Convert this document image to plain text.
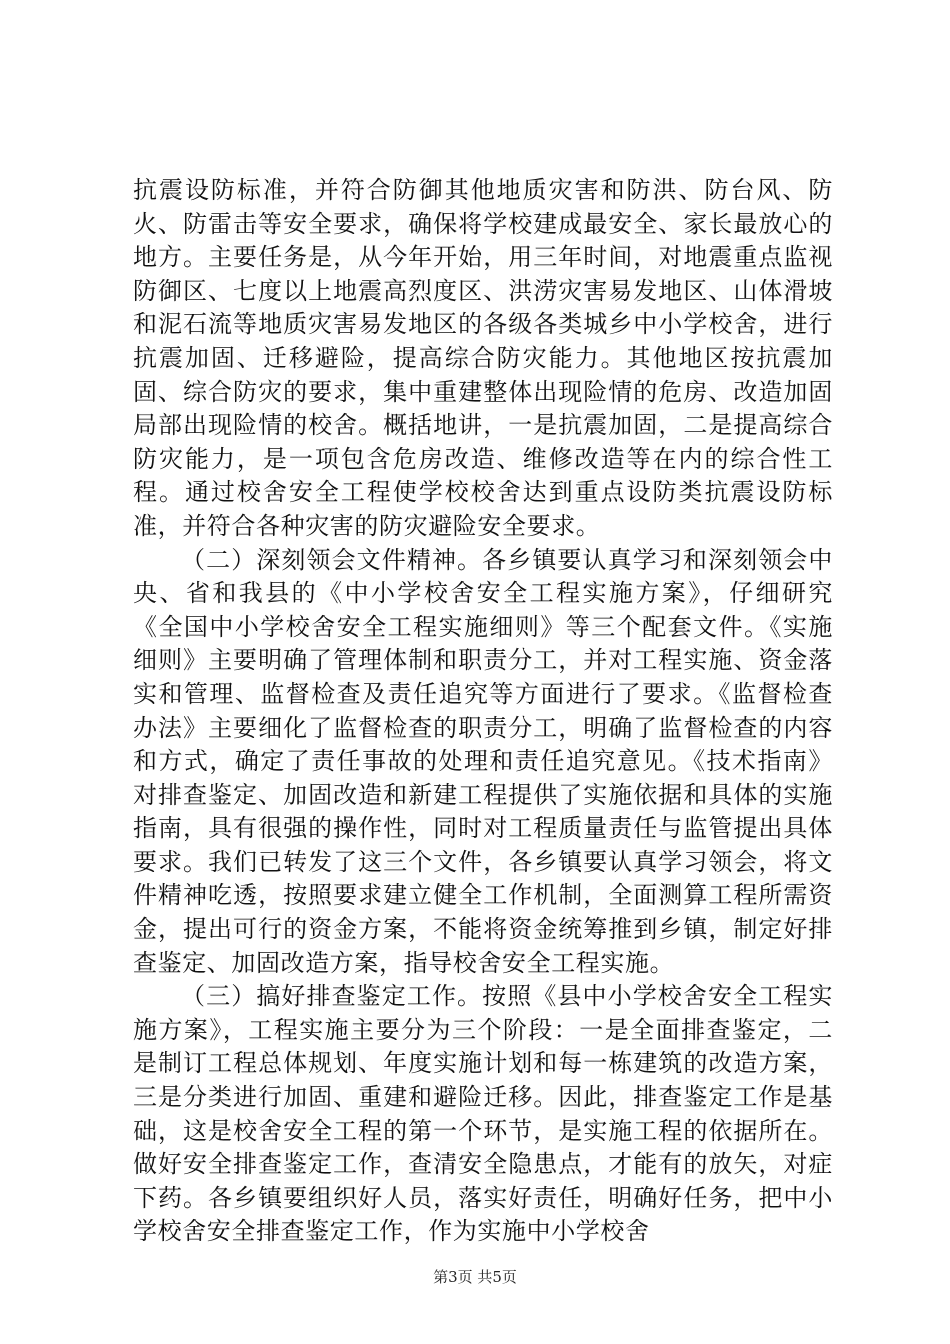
抗震设防标准，并符合防御其他地质灾害和防洪、防台风、防火、防雷击等安全要求，确保将学校建成最安全、家长最放心的地方。主要任务是，从今年开始，用三年时间，对地震重点监视防御区、七度以上地震高烈度区、洪涝灾害易发地区、山体滑坡和泥石流等地质灾害易发地区的各级各类城乡中小学校舍，进行抗震加固、迁移避险，提高综合防灾能力。其他地区按抗震加固、综合防灾的要求，集中重建整体出现险情的危房、改造加固局部出现险情的校舍。概括地讲，一是抗震加固，二是提高综合防灾能力，是一项包含危房改造、维修改造等在内的综合性工程。通过校舍安全工程使学校校舍达到重点设防类抗震设防标准，并符合各种灾害的防灾避险安全要求。

（二）深刻领会文件精神。各乡镇要认真学习和深刻领会中央、省和我县的《中小学校舍安全工程实施方案》，仔细研究《全国中小学校舍安全工程实施细则》等三个配套文件。《实施细则》主要明确了管理体制和职责分工，并对工程实施、资金落实和管理、监督检查及责任追究等方面进行了要求。《监督检查办法》主要细化了监督检查的职责分工，明确了监督检查的内容和方式，确定了责任事故的处理和责任追究意见。《技术指南》对排查鉴定、加固改造和新建工程提供了实施依据和具体的实施指南，具有很强的操作性，同时对工程质量责任与监管提出具体要求。我们已转发了这三个文件，各乡镇要认真学习领会，将文件精神吃透，按照要求建立健全工作机制，全面测算工程所需资金，提出可行的资金方案，不能将资金统筹推到乡镇，制定好排查鉴定、加固改造方案，指导校舍安全工程实施。

（三）搞好排查鉴定工作。按照《县中小学校舍安全工程实施方案》，工程实施主要分为三个阶段：一是全面排查鉴定，二是制订工程总体规划、年度实施计划和每一栋建筑的改造方案，三是分类进行加固、重建和避险迁移。因此，排查鉴定工作是基础，这是校舍安全工程的第一个环节，是实施工程的依据所在。做好安全排查鉴定工作，查清安全隐患点，才能有的放矢，对症下药。各乡镇要组织好人员，落实好责任，明确好任务，把中小学校舍安全排查鉴定工作，作为实施中小学校舍

第3页 共5页
